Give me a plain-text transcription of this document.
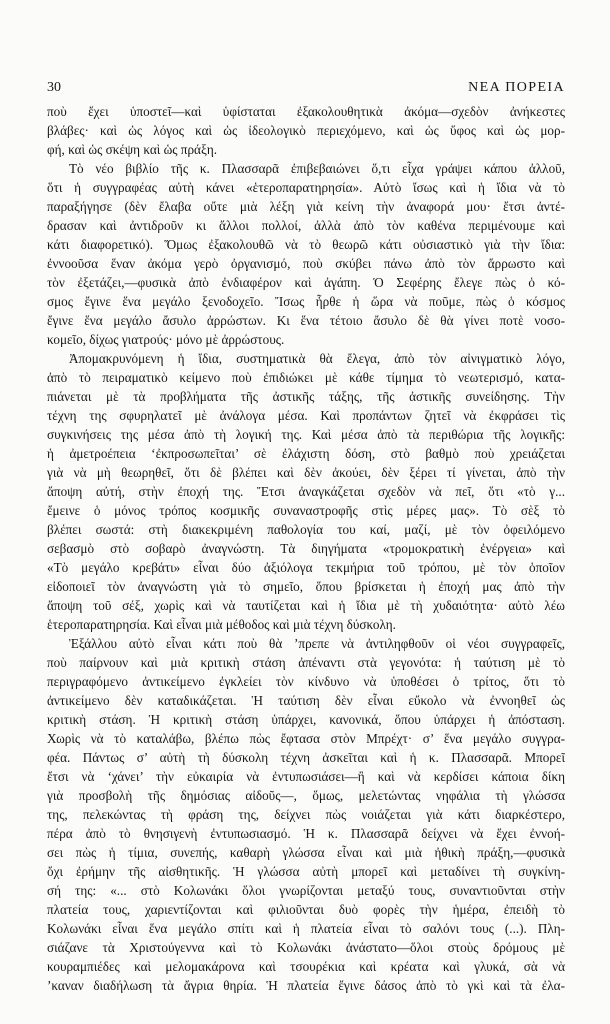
30	ΝΕΑ ΠΟΡΕΙΑ
ποὺ ἔχει ὑποστεῖ—καὶ ὑφίσταται ἐξακολουθητικὰ ἀκόμα—σχεδὸν ἀνήκεστες
βλάβες· καὶ ὡς λόγος καὶ ὡς ἰδεολογικὸ περιεχόμενο, καὶ ὡς ὕφος καὶ ὡς μορ-
φή, καὶ ὡς σκέψη καὶ ὡς πράξη.
Τὸ νέο βιβλίο τῆς κ. Πλασσαρᾶ ἐπιβεβαιώνει ὅ,τι εἶχα γράψει κάπου ἀλλοῦ,
ὅτι ἡ συγγραφέας αὐτὴ κάνει «ἑτεροπαρατηρησία». Αὐτὸ ἴσως καὶ ἡ ἴδια νὰ τὸ
παραξήγησε (δὲν ἔλαβα οὔτε μιὰ λέξη γιὰ κείνη τὴν ἀναφορά μου· ἔτσι ἀντέ-
δρασαν καὶ ἀντιδροῦν κι ἄλλοι πολλοί, ἀλλὰ ἀπὸ τὸν καθένα περιμένουμε καὶ
κάτι διαφορετικό). Ὅμως ἐξακολουθῶ νὰ τὸ θεωρῶ κάτι οὐσιαστικὸ γιὰ τὴν ἴδια:
ἐννοοῦσα ἕναν ἀκόμα γερὸ ὀργανισμό, ποὺ σκύβει πάνω ἀπὸ τὸν ἄρρωστο καὶ
τὸν ἐξετάζει,—φυσικὰ ἀπὸ ἐνδιαφέρον καὶ ἀγάπη. Ὁ Σεφέρης ἔλεγε πὼς ὁ κό-
σμος ἔγινε ἕνα μεγάλο ξενοδοχεῖο. Ἴσως ἦρθε ἡ ὥρα νὰ ποῦμε, πὼς ὁ κόσμος
ἔγινε ἕνα μεγάλο ἄσυλο ἀρρώστων. Κι ἕνα τέτοιο ἄσυλο δὲ θὰ γίνει ποτὲ νοσο-
κομεῖο, δίχως γιατρούς· μόνο μὲ ἀρρώστους.
Ἀπομακρυνόμενη ἡ ἴδια, συστηματικὰ θὰ ἔλεγα, ἀπὸ τὸν αἰνιγματικὸ λόγο,
ἀπὸ τὸ πειραματικὸ κείμενο ποὺ ἐπιδιώκει μὲ κάθε τίμημα τὸ νεωτερισμό, κατα-
πιάνεται μὲ τὰ προβλήματα τῆς ἀστικῆς τάξης, τῆς ἀστικῆς συνείδησης. Τὴν
τέχνη της σφυρηλατεῖ μὲ ἀνάλογα μέσα. Καὶ προπάντων ζητεῖ νὰ ἐκφράσει τὶς
συγκινήσεις της μέσα ἀπὸ τὴ λογική της. Καὶ μέσα ἀπὸ τὰ περιθώρια τῆς λογικῆς:
ἡ ἀμετροέπεια ‘ἐκπροσωπεῖται’ σὲ ἐλάχιστη δόση, στὸ βαθμὸ ποὺ χρειάζεται
γιὰ νὰ μὴ θεωρηθεῖ, ὅτι δὲ βλέπει καὶ δὲν ἀκούει, δὲν ξέρει τί γίνεται, ἀπὸ τὴν
ἄποψη αὐτή, στὴν ἐποχή της. Ἔτσι ἀναγκάζεται σχεδὸν νὰ πεῖ, ὅτι «τὸ γ...
ἔμεινε ὁ μόνος τρόπος κοσμικῆς συναναστροφῆς στὶς μέρες μας». Τὸ σὲξ τὸ
βλέπει σωστά: στὴ διακεκριμένη παθολογία του καί, μαζί, μὲ τὸν ὀφειλόμενο
σεβασμὸ στὸ σοβαρὸ ἀναγνώστη. Τὰ διηγήματα «τρομοκρατικὴ ἐνέργεια» καὶ
«Τὸ μεγάλο κρεβάτι» εἶναι δύο ἀξιόλογα τεκμήρια τοῦ τρόπου, μὲ τὸν ὁποῖον
εἰδοποιεῖ τὸν ἀναγνώστη γιὰ τὸ σημεῖο, ὅπου βρίσκεται ἡ ἐποχή μας ἀπὸ τὴν
ἄποψη τοῦ σέξ, χωρὶς καὶ νὰ ταυτίζεται καὶ ἡ ἴδια μὲ τὴ χυδαιότητα· αὐτὸ λέω
ἑτεροπαρατηρησία. Καὶ εἶναι μιὰ μέθοδος καὶ μιὰ τέχνη δύσκολη.
Ἐξάλλου αὐτὸ εἶναι κάτι ποὺ θὰ ’πρεπε νὰ ἀντιληφθοῦν οἱ νέοι συγγραφεῖς,
ποὺ παίρνουν καὶ μιὰ κριτικὴ στάση ἀπέναντι στὰ γεγονότα: ἡ ταύτιση μὲ τὸ
περιγραφόμενο ἀντικείμενο ἐγκλείει τὸν κίνδυνο νὰ ὑποθέσει ὁ τρίτος, ὅτι τὸ
ἀντικείμενο δὲν καταδικάζεται. Ἡ ταύτιση δὲν εἶναι εὔκολο νὰ ἐννοηθεῖ ὡς
κριτικὴ στάση. Ἡ κριτικὴ στάση ὑπάρχει, κανονικά, ὅπου ὑπάρχει ἡ ἀπόσταση.
Χωρὶς νὰ τὸ καταλάβω, βλέπω πὼς ἔφτασα στὸν Μπρέχτ· σ’ ἕνα μεγάλο συγγρα-
φέα. Πάντως σ’ αὐτὴ τὴ δύσκολη τέχνη ἀσκεῖται καὶ ἡ κ. Πλασσαρᾶ. Μπορεῖ
ἔτσι νὰ ‘χάνει’ τὴν εὐκαιρία νὰ ἐντυπωσιάσει—ἢ καὶ νὰ κερδίσει κάποια δίκη
γιὰ προσβολὴ τῆς δημόσιας αἰδοῦς—, ὅμως, μελετώντας νηφάλια τὴ γλώσσα
της, πελεκώντας τὴ φράση της, δείχνει πὼς νοιάζεται γιὰ κάτι διαρκέστερο,
πέρα ἀπὸ τὸ θνησιγενὴ ἐντυπωσιασμό. Ἡ κ. Πλασσαρᾶ δείχνει νὰ ἔχει ἐννοή-
σει πὼς ἡ τίμια, συνεπής, καθαρὴ γλώσσα εἶναι καὶ μιὰ ἠθικὴ πράξη,—φυσικὰ
ὄχι ἐρήμην τῆς αἰσθητικῆς. Ἡ γλώσσα αὐτὴ μπορεῖ καὶ μεταδίνει τὴ συγκίνη-
σή της: «... στὸ Κολωνάκι ὅλοι γνωρίζονται μεταξύ τους, συναντιοῦνται στὴν
πλατεία τους, χαριεντίζονται καὶ φιλιοῦνται δυὸ φορὲς τὴν ἡμέρα, ἐπειδὴ τὸ
Κολωνάκι εἶναι ἕνα μεγάλο σπίτι καὶ ἡ πλατεία εἶναι τὸ σαλόνι τους (...). Πλη-
σιάζανε τὰ Χριστούγεννα καὶ τὸ Κολωνάκι ἀνάστατο—ὅλοι στοὺς δρόμους μὲ
κουραμπιέδες καὶ μελομακάρονα καὶ τσουρέκια καὶ κρέατα καὶ γλυκά, σὰ νὰ
’καναν διαδήλωση τὰ ἄγρια θηρία. Ἡ πλατεία ἔγινε δάσος ἀπὸ τὸ γκὶ καὶ τὰ ἐλα-
